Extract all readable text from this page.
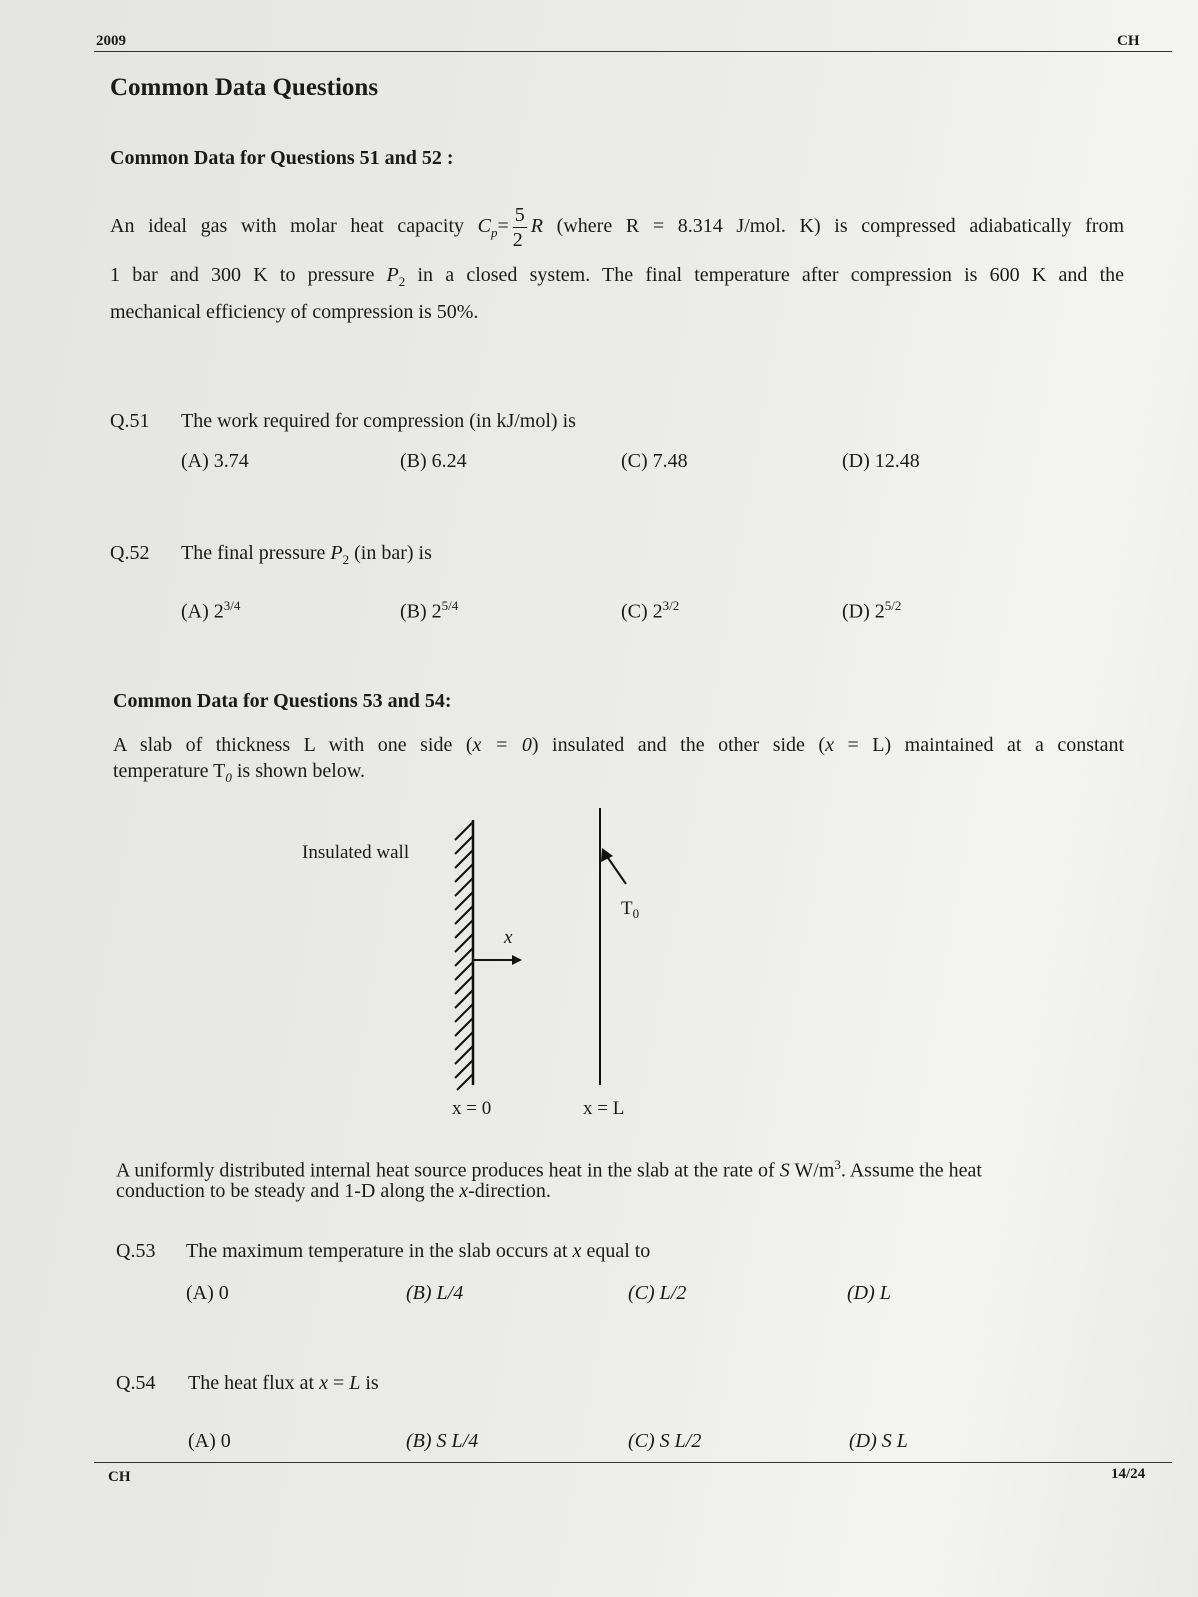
2009	CH
Common Data Questions
Common Data for Questions 51 and 52 :
An ideal gas with molar heat capacity $C_p= \frac{5}{2}$ R (where R = 8.314 J/mol. K) is compressed adiabatically from
1 bar and 300 K to pressure $P_2$ in a closed system. The final temperature after compression is 600 K and the
mechanical efficiency of compression is 50%.
Q.51 The work required for compression (in kJ/mol) is
(A) 3.74	(B) 6.24	(C) 7.48	(D) 12.48
Q.52 The final pressure $P_2$ (in bar) is
(A) $2^{3/4}$	(B) $2^{5/4}$	(C) $2^{3/2}$	(D) $2^{5/2}$
Common Data for Questions 53 and 54:
A slab of thickness L with one side (x = 0) insulated and the other side (x = L) maintained at a constant
temperature $T_0$ is shown below.
Insulated wall
$T_0$
x
x = 0	x = L
A uniformly distributed internal heat source produces heat in the slab at the rate of S $W/m^3$. Assume the heat
conduction to be steady and 1-D along the x-direction.
Q.53 The maximum temperature in the slab occurs at x equal to
(A) 0	(B) L/4	(C) L/2	(D) L
Q.54 The heat flux at x = L is
(A) 0	(B) S L/4	(C) S L/2	(D) S L
CH	14/24
